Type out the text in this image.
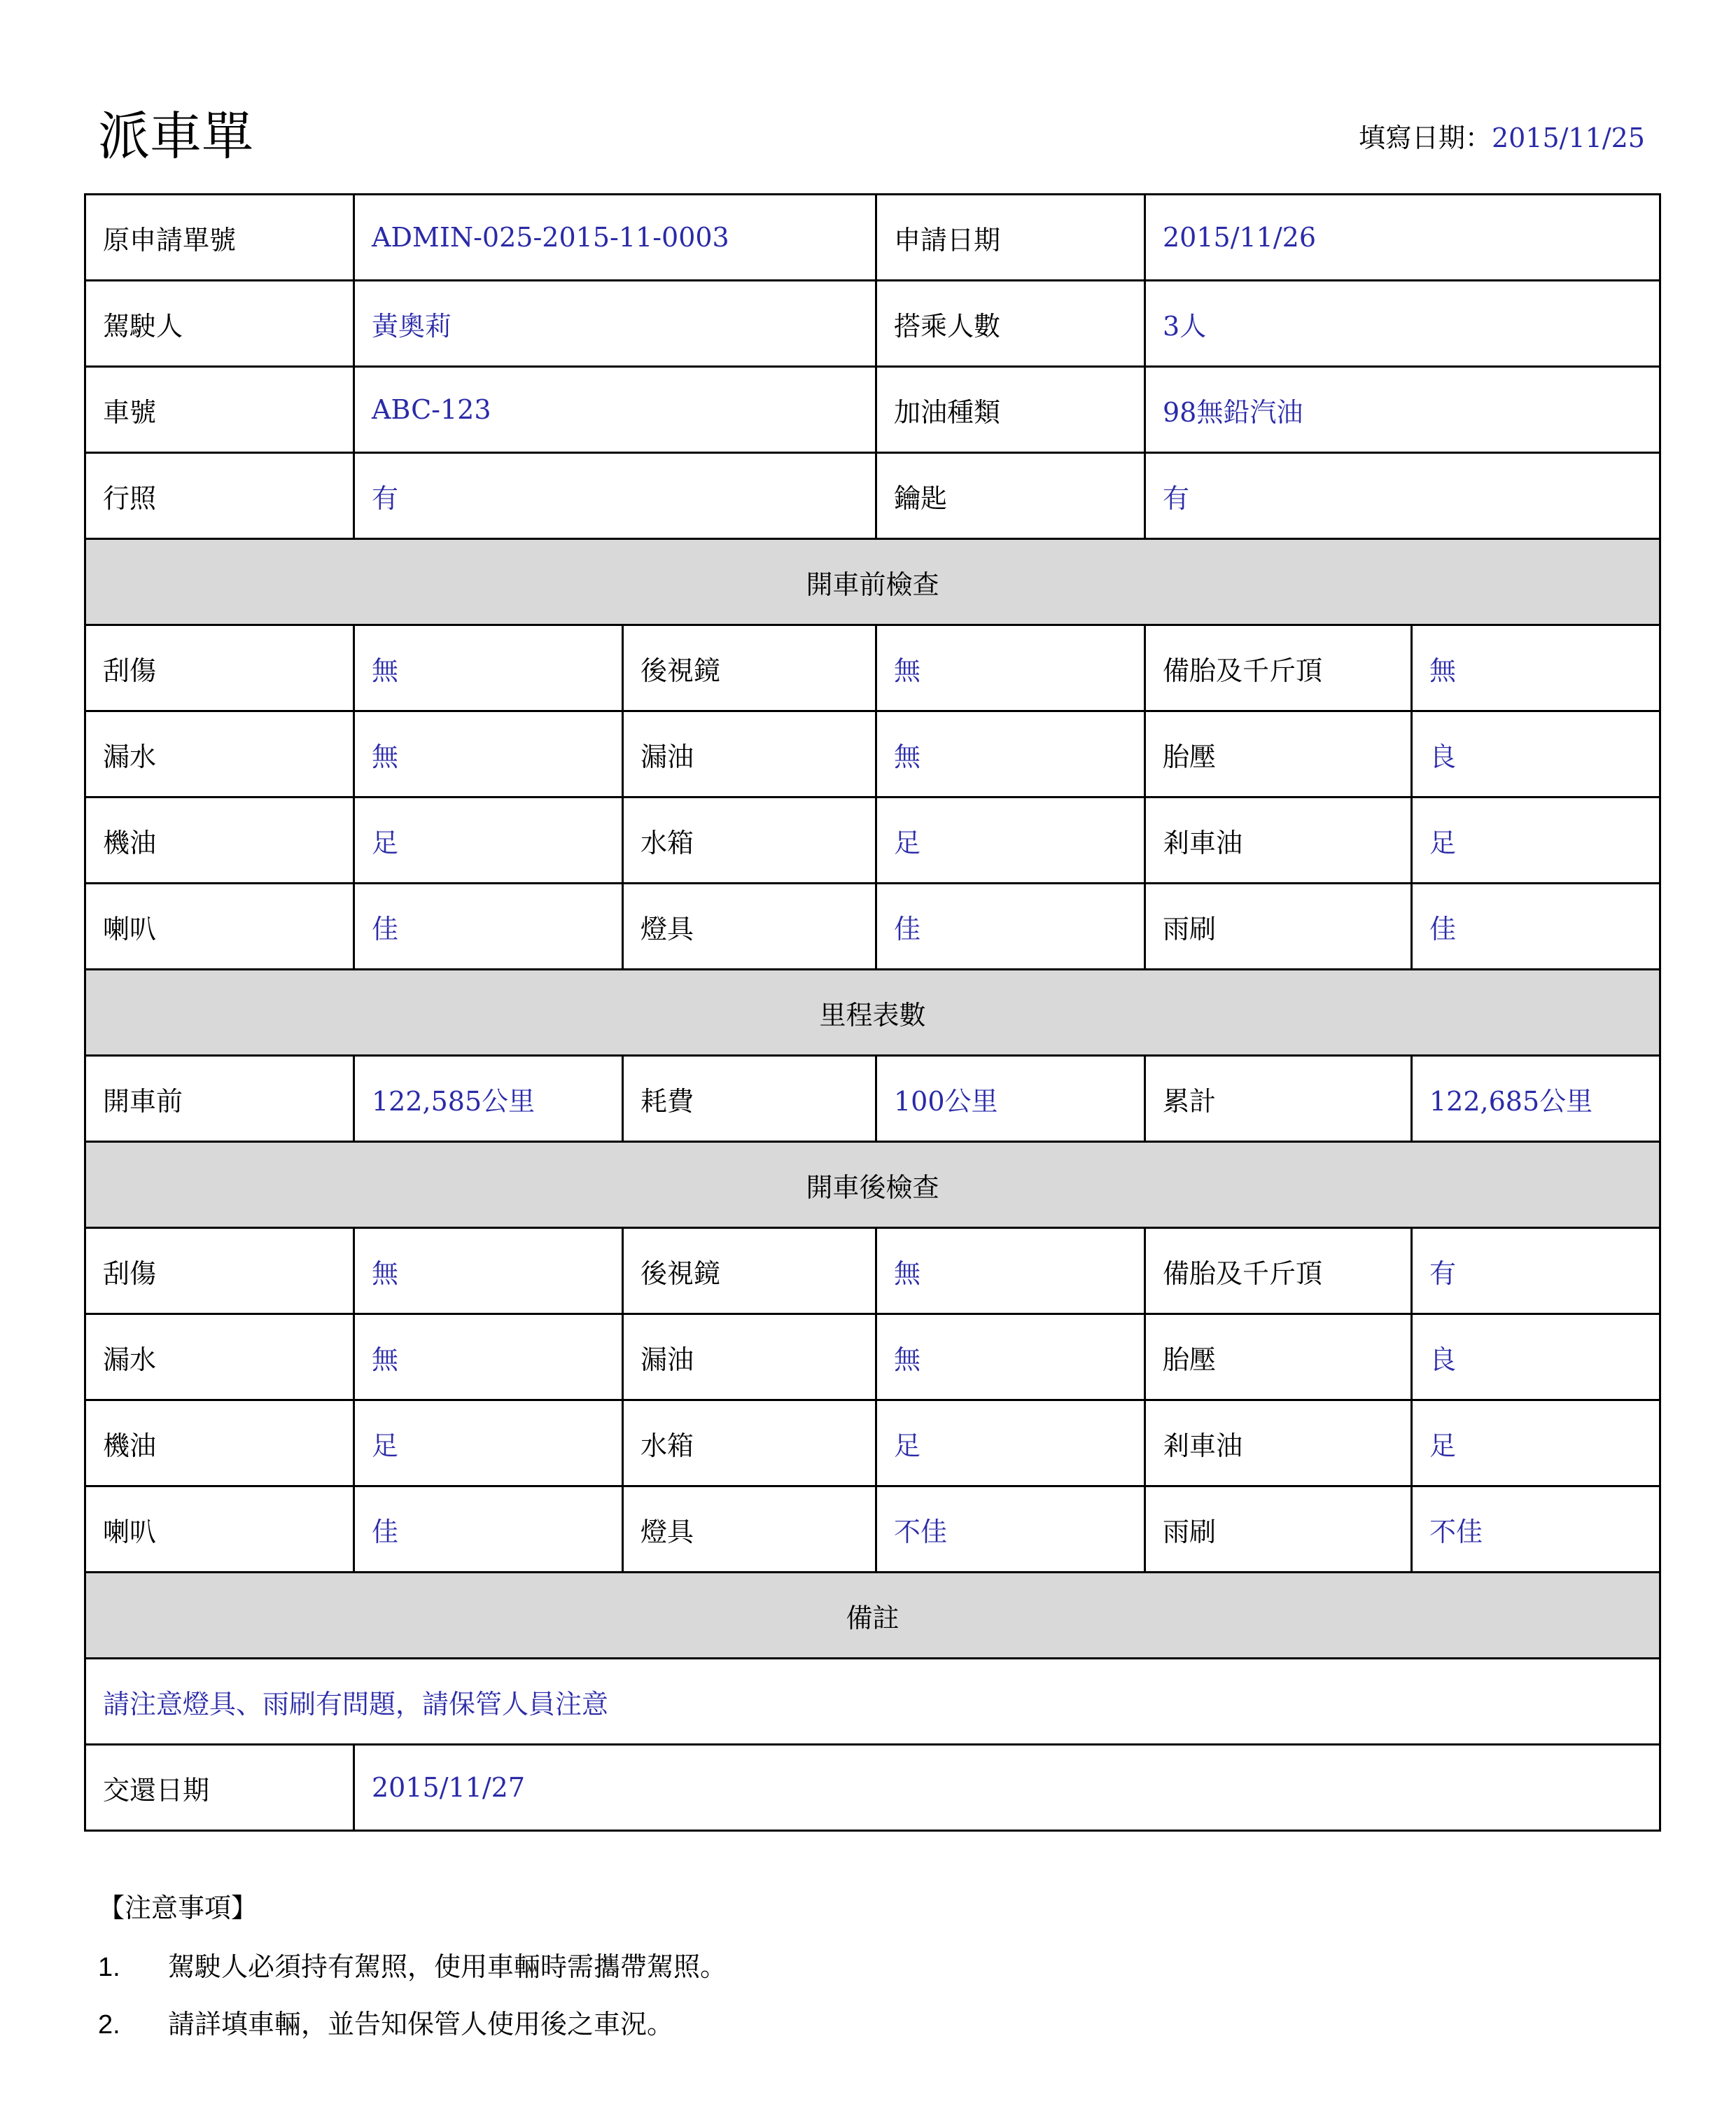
派車單	填寫日期：2015/11/25
原申請單號	ADMIN-025-2015-11-0003		申請日期	2015/11/26	
駕駛人	黃奧莉		搭乘人數	3人	
車號	ABC-123		加油種類	98無鉛汽油	
行照	有		鑰匙	有	
開車前檢查					
刮傷	無	後視鏡	無	備胎及千斤頂	無
漏水	無	漏油	無	胎壓	良
機油	足	水箱	足	剎車油	足
喇叭	佳	燈具	佳	雨刷	佳
里程表數					
開車前	122,585公里	耗費	100公里	累計	122,685公里
開車後檢查					
刮傷	無	後視鏡	無	備胎及千斤頂	有
漏水	無	漏油	無	胎壓	良
機油	足	水箱	足	剎車油	足
喇叭	佳	燈具	不佳	雨刷	不佳
備註					
請注意燈具、雨刷有問題，請保管人員注意					
交還日期	2015/11/27				
【注意事項】
1. 駕駛人必須持有駕照，使用車輛時需攜帶駕照。
2. 請詳填車輛，並告知保管人使用後之車況。
